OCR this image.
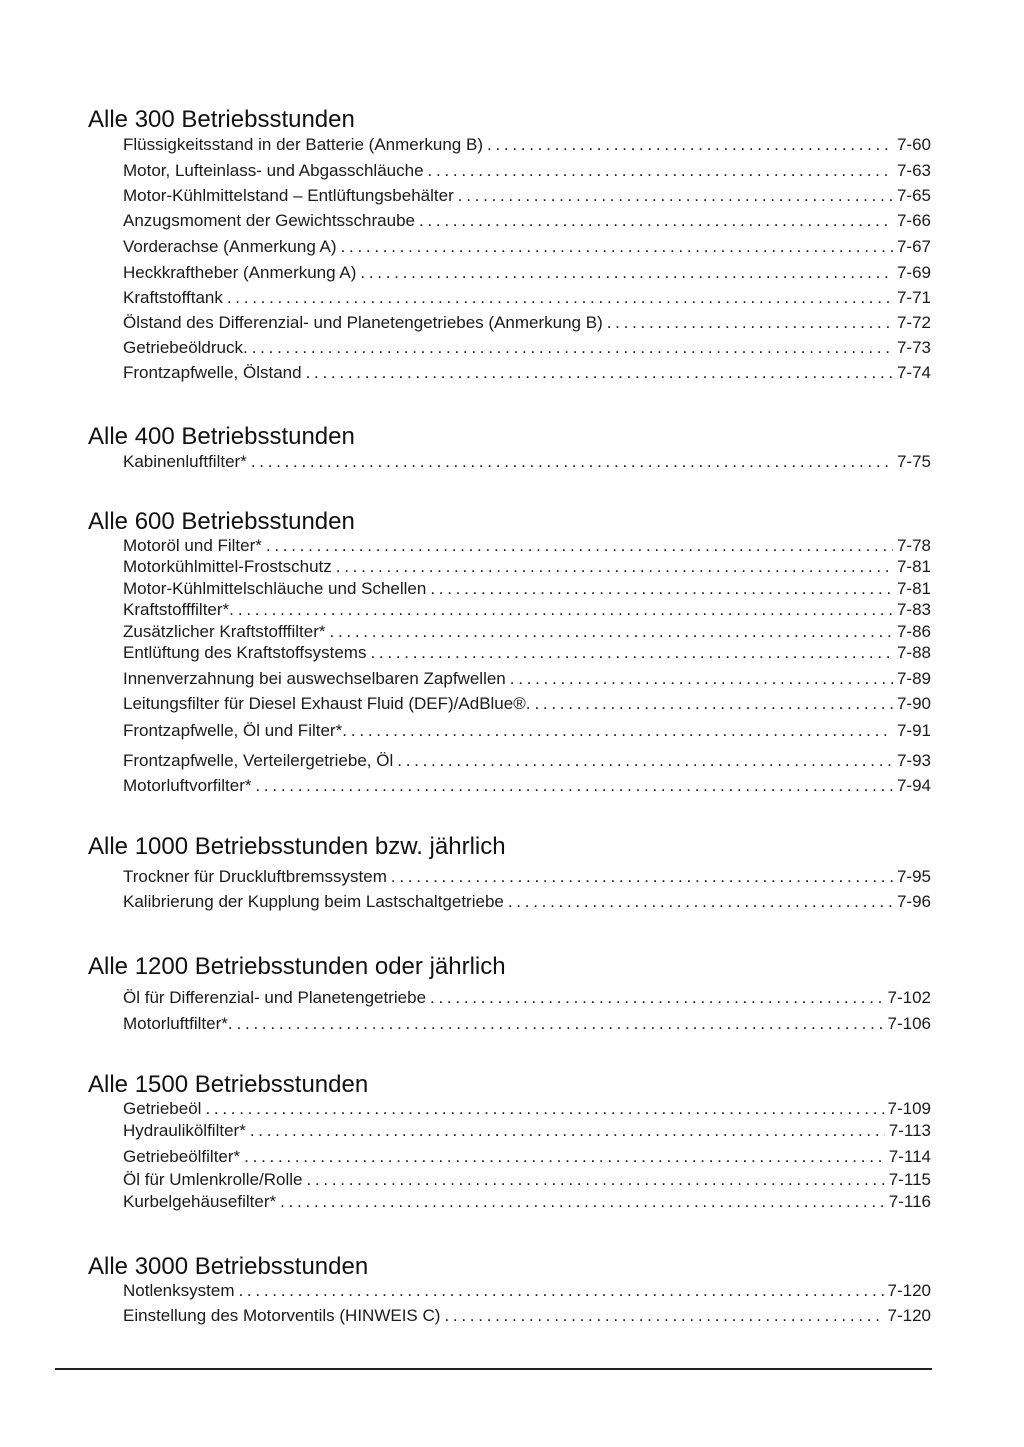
Alle 300 Betriebsstunden
Flüssigkeitsstand in der Batterie (Anmerkung B) . . .	7-60
Motor, Lufteinlass- und Abgasschläuche . . .	7-63
Motor-Kühlmittelstand – Entlüftungsbehälter . . .	7-65
Anzugsmoment der Gewichtsschraube . . .	7-66
Vorderachse (Anmerkung A) . . .	7-67
Heckkraftheber (Anmerkung A) . . .	7-69
Kraftstofftank . . .	7-71
Ölstand des Differenzial- und Planetengetriebes (Anmerkung B) . . .	7-72
Getriebeöldruck. . . .	7-73
Frontzapfwelle, Ölstand . . .	7-74
Alle 400 Betriebsstunden
Kabinenluftfilter* . . .	7-75
Alle 600 Betriebsstunden
Motoröl und Filter* . . .	7-78
Motorkühlmittel-Frostschutz . . .	7-81
Motor-Kühlmittelschläuche und Schellen . . .	7-81
Kraftstofffilter*. . . .	7-83
Zusätzlicher Kraftstofffilter* . . .	7-86
Entlüftung des Kraftstoffsystems . . .	7-88
Innenverzahnung bei auswechselbaren Zapfwellen . . .	7-89
Leitungsfilter für Diesel Exhaust Fluid (DEF)/AdBlue®. . . .	7-90
Frontzapfwelle, Öl und Filter*. . . .	7-91
Frontzapfwelle, Verteilergetriebe, Öl . . .	7-93
Motorluftvorfilter* . . .	7-94
Alle 1000 Betriebsstunden bzw. jährlich
Trockner für Druckluftbremssystem . . .	7-95
Kalibrierung der Kupplung beim Lastschaltgetriebe . . .	7-96
Alle 1200 Betriebsstunden oder jährlich
Öl für Differenzial- und Planetengetriebe . . .	7-102
Motorluftfilter*. . . .	7-106
Alle 1500 Betriebsstunden
Getriebeöl . . .	7-109
Hydraulikölfilter* . . .	7-113
Getriebeölfilter* . . .	7-114
Öl für Umlenkrolle/Rolle . . .	7-115
Kurbelgehäusefilter* . . .	7-116
Alle 3000 Betriebsstunden
Notlenksystem . . .	7-120
Einstellung des Motorventils (HINWEIS C) . . .	7-120
